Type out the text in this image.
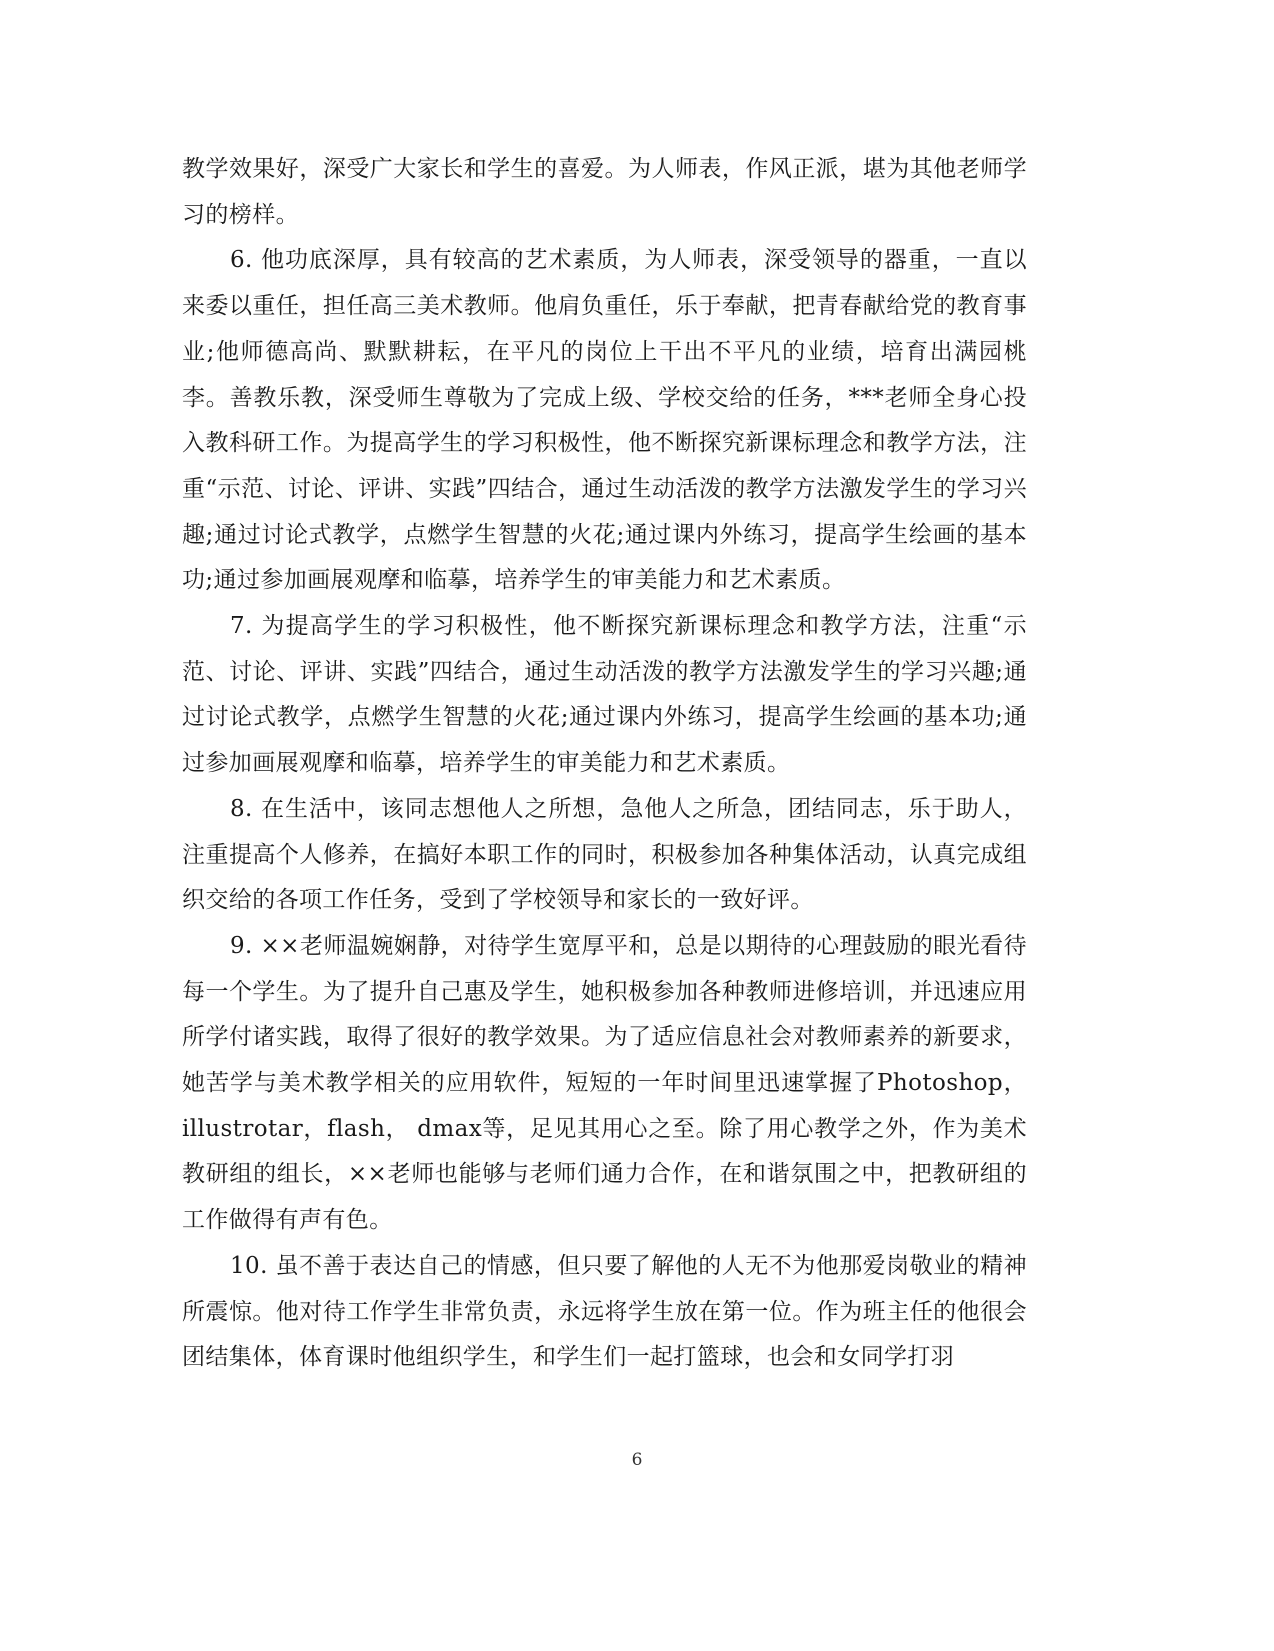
教学效果好，深受广大家长和学生的喜爱。为人师表，作风正派，堪为其他老师学习的榜样。

6. 他功底深厚，具有较高的艺术素质，为人师表，深受领导的器重，一直以来委以重任，担任高三美术教师。他肩负重任，乐于奉献，把青春献给党的教育事业;他师德高尚、默默耕耘，在平凡的岗位上干出不平凡的业绩，培育出满园桃李。善教乐教，深受师生尊敬为了完成上级、学校交给的任务，***老师全身心投入教科研工作。为提高学生的学习积极性，他不断探究新课标理念和教学方法，注重“示范、讨论、评讲、实践”四结合，通过生动活泼的教学方法激发学生的学习兴趣;通过讨论式教学，点燃学生智慧的火花;通过课内外练习，提高学生绘画的基本功;通过参加画展观摩和临摹，培养学生的审美能力和艺术素质。

7. 为提高学生的学习积极性，他不断探究新课标理念和教学方法，注重“示范、讨论、评讲、实践”四结合，通过生动活泼的教学方法激发学生的学习兴趣;通过讨论式教学，点燃学生智慧的火花;通过课内外练习，提高学生绘画的基本功;通过参加画展观摩和临摹，培养学生的审美能力和艺术素质。

8. 在生活中，该同志想他人之所想，急他人之所急，团结同志，乐于助人，注重提高个人修养，在搞好本职工作的同时，积极参加各种集体活动，认真完成组织交给的各项工作任务，受到了学校领导和家长的一致好评。

9. ××老师温婉娴静，对待学生宽厚平和，总是以期待的心理鼓励的眼光看待每一个学生。为了提升自己惠及学生，她积极参加各种教师进修培训，并迅速应用所学付诸实践，取得了很好的教学效果。为了适应信息社会对教师素养的新要求，她苦学与美术教学相关的应用软件，短短的一年时间里迅速掌握了Photoshop，illustrotar，flash， dmax等，足见其用心之至。除了用心教学之外，作为美术教研组的组长，××老师也能够与老师们通力合作，在和谐氛围之中，把教研组的工作做得有声有色。

10. 虽不善于表达自己的情感，但只要了解他的人无不为他那爱岗敬业的精神所震惊。他对待工作学生非常负责，永远将学生放在第一位。作为班主任的他很会团结集体，体育课时他组织学生，和学生们一起打篮球，也会和女同学打羽

6
